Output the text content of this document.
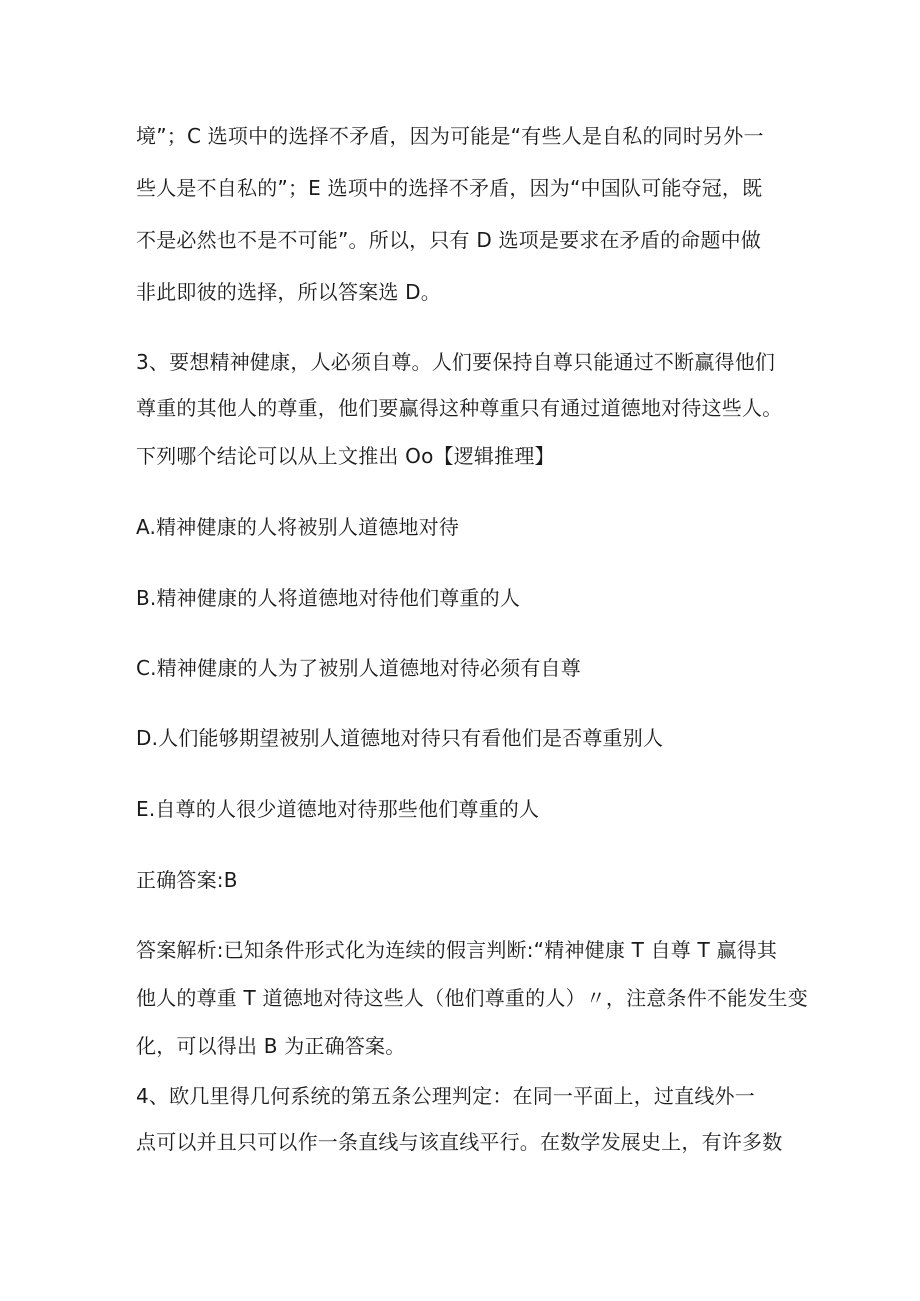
境”；C 选项中的选择不矛盾，因为可能是“有些人是自私的同时另外一
些人是不自私的”；E 选项中的选择不矛盾，因为“中国队可能夺冠，既
不是必然也不是不可能”。所以，只有 D 选项是要求在矛盾的命题中做
非此即彼的选择，所以答案选 D。
3、要想精神健康，人必须自尊。人们要保持自尊只能通过不断赢得他们
尊重的其他人的尊重，他们要赢得这种尊重只有通过道德地对待这些人。
下列哪个结论可以从上文推出 Oo【逻辑推理】
A.精神健康的人将被别人道德地对待
B.精神健康的人将道德地对待他们尊重的人
C.精神健康的人为了被别人道德地对待必须有自尊
D.人们能够期望被别人道德地对待只有看他们是否尊重别人
E.自尊的人很少道德地对待那些他们尊重的人
正确答案:B
答案解析:已知条件形式化为连续的假言判断:“精神健康 T 自尊 T 赢得其
他人的尊重 T 道德地对待这些人（他们尊重的人）〃，注意条件不能发生变
化，可以得出 B 为正确答案。
4、欧几里得几何系统的第五条公理判定：在同一平面上，过直线外一
点可以并且只可以作一条直线与该直线平行。在数学发展史上，有许多数
